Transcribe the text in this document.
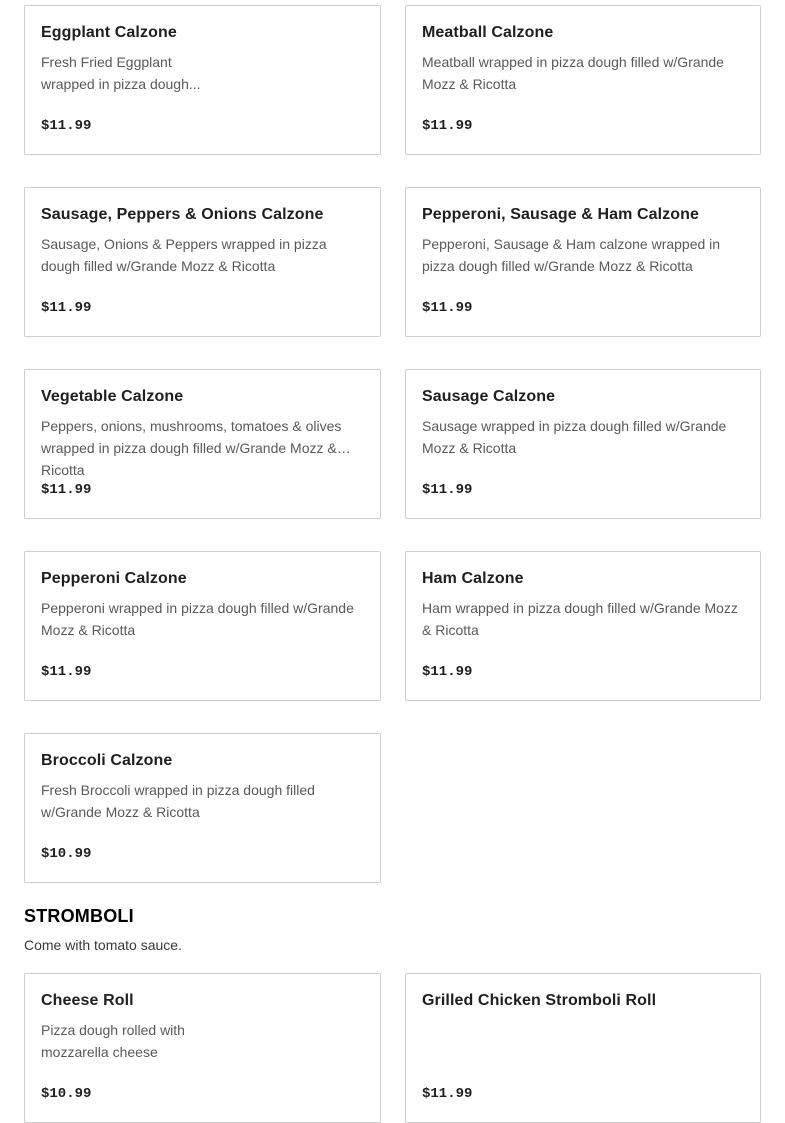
Eggplant Calzone
Fresh Fried Eggplant wrapped in pizza dough...
$11.99
Meatball Calzone
Meatball wrapped in pizza dough filled w/Grande Mozz & Ricotta
$11.99
Sausage, Peppers & Onions Calzone
Sausage, Onions & Peppers wrapped in pizza dough filled w/Grande Mozz & Ricotta
$11.99
Pepperoni, Sausage & Ham Calzone
Pepperoni, Sausage & Ham calzone wrapped in pizza dough filled w/Grande Mozz & Ricotta
$11.99
Vegetable Calzone
Peppers, onions, mushrooms, tomatoes & olives wrapped in pizza dough filled w/Grande Mozz & Ricotta
$11.99
Sausage Calzone
Sausage wrapped in pizza dough filled w/Grande Mozz & Ricotta
$11.99
Pepperoni Calzone
Pepperoni wrapped in pizza dough filled w/Grande Mozz & Ricotta
$11.99
Ham Calzone
Ham wrapped in pizza dough filled w/Grande Mozz & Ricotta
$11.99
Broccoli Calzone
Fresh Broccoli wrapped in pizza dough filled w/Grande Mozz & Ricotta
$10.99
STROMBOLI
Come with tomato sauce.
Cheese Roll
Pizza dough rolled with mozzarella cheese
$10.99
Grilled Chicken Stromboli Roll
$11.99
